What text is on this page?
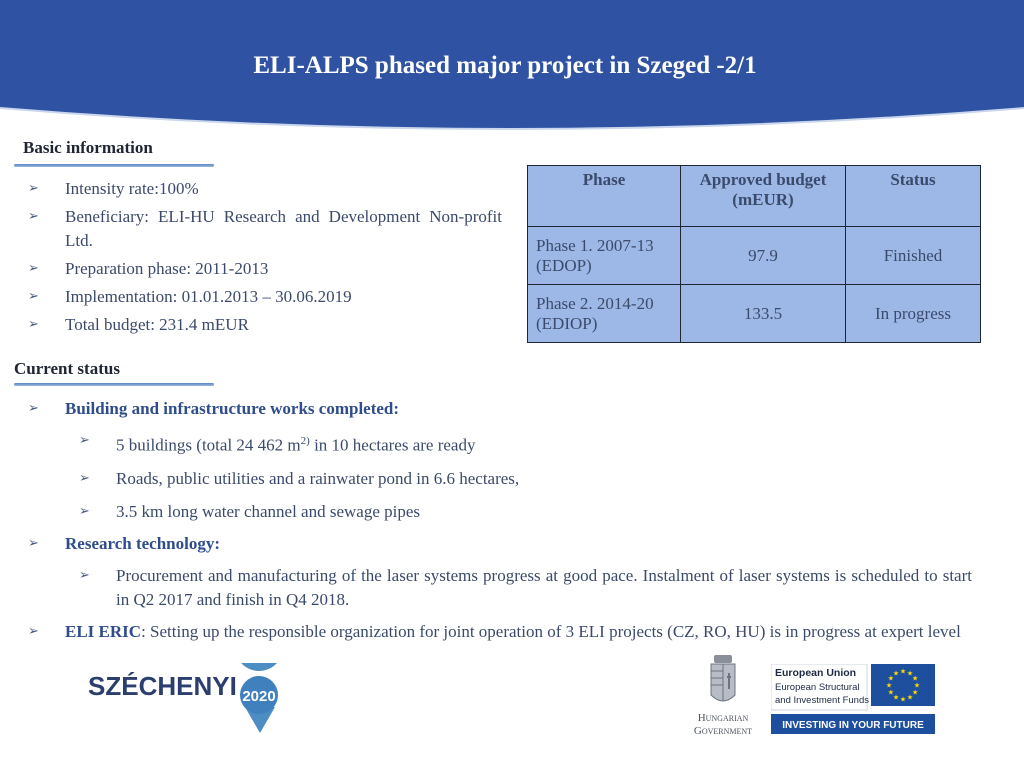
ELI-ALPS phased major project in Szeged -2/1
Basic information
➢ Intensity rate:100%
➢ Beneficiary: ELI-HU Research and Development Non-profit Ltd.
➢ Preparation phase: 2011-2013
➢ Implementation: 01.01.2013 – 30.06.2019
➢ Total budget: 231.4 mEUR
Phase	Approved budget (mEUR)	Status
Phase 1. 2007-13 (EDOP)	97.9	Finished
Phase 2. 2014-20 (EDIOP)	133.5	In progress
Current status
➢ Building and infrastructure works completed:
➢ 5 buildings (total 24 462 $m^{2)}$ in 10 hectares are ready
➢ Roads, public utilities and a rainwater pond in 6.6 hectares,
➢ 3.5 km long water channel and sewage pipes
➢ Research technology:
➢ Procurement and manufacturing of the laser systems progress at good pace. Instalment of laser systems is scheduled to start in Q2 2017 and finish in Q4 2018.
➢ ELI ERIC: Setting up the responsible organization for joint operation of 3 ELI projects (CZ, RO, HU) is in progress at expert level
SZÉCHENYI 2020
Hungarian
Government
European Union
European Structural
and Investment Funds
★ ★
★
★
★
★
★
★
★
★
★
★
INVESTING IN YOUR FUTURE
